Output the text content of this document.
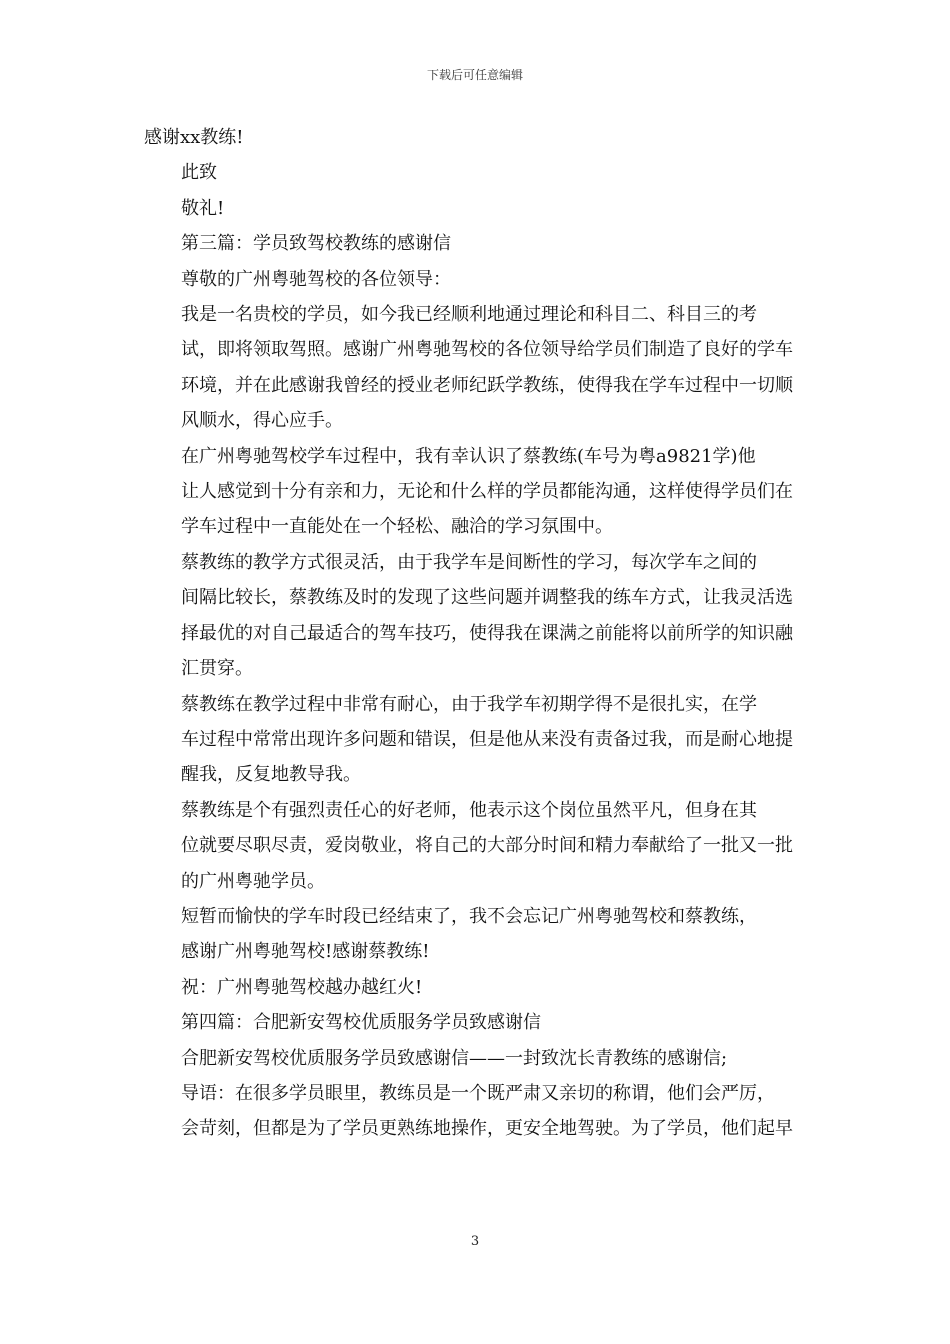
下载后可任意编辑
感谢xx教练!
此致
敬礼!
第三篇：学员致驾校教练的感谢信
尊敬的广州粤驰驾校的各位领导：
我是一名贵校的学员，如今我已经顺利地通过理论和科目二、科目三的考
试，即将领取驾照。感谢广州粤驰驾校的各位领导给学员们制造了良好的学车
环境，并在此感谢我曾经的授业老师纪跃学教练，使得我在学车过程中一切顺
风顺水，得心应手。
在广州粤驰驾校学车过程中，我有幸认识了蔡教练(车号为粤a9821学)他
让人感觉到十分有亲和力，无论和什么样的学员都能沟通，这样使得学员们在
学车过程中一直能处在一个轻松、融洽的学习氛围中。
蔡教练的教学方式很灵活，由于我学车是间断性的学习，每次学车之间的
间隔比较长，蔡教练及时的发现了这些问题并调整我的练车方式，让我灵活选
择最优的对自己最适合的驾车技巧，使得我在课满之前能将以前所学的知识融
汇贯穿。
蔡教练在教学过程中非常有耐心，由于我学车初期学得不是很扎实，在学
车过程中常常出现许多问题和错误，但是他从来没有责备过我，而是耐心地提
醒我，反复地教导我。
蔡教练是个有强烈责任心的好老师，他表示这个岗位虽然平凡，但身在其
位就要尽职尽责，爱岗敬业，将自己的大部分时间和精力奉献给了一批又一批
的广州粤驰学员。
短暂而愉快的学车时段已经结束了，我不会忘记广州粤驰驾校和蔡教练，
感谢广州粤驰驾校!感谢蔡教练!
祝：广州粤驰驾校越办越红火!
第四篇：合肥新安驾校优质服务学员致感谢信
合肥新安驾校优质服务学员致感谢信——一封致沈长青教练的感谢信;
导语：在很多学员眼里，教练员是一个既严肃又亲切的称谓，他们会严厉，
会苛刻，但都是为了学员更熟练地操作，更安全地驾驶。为了学员，他们起早
3
